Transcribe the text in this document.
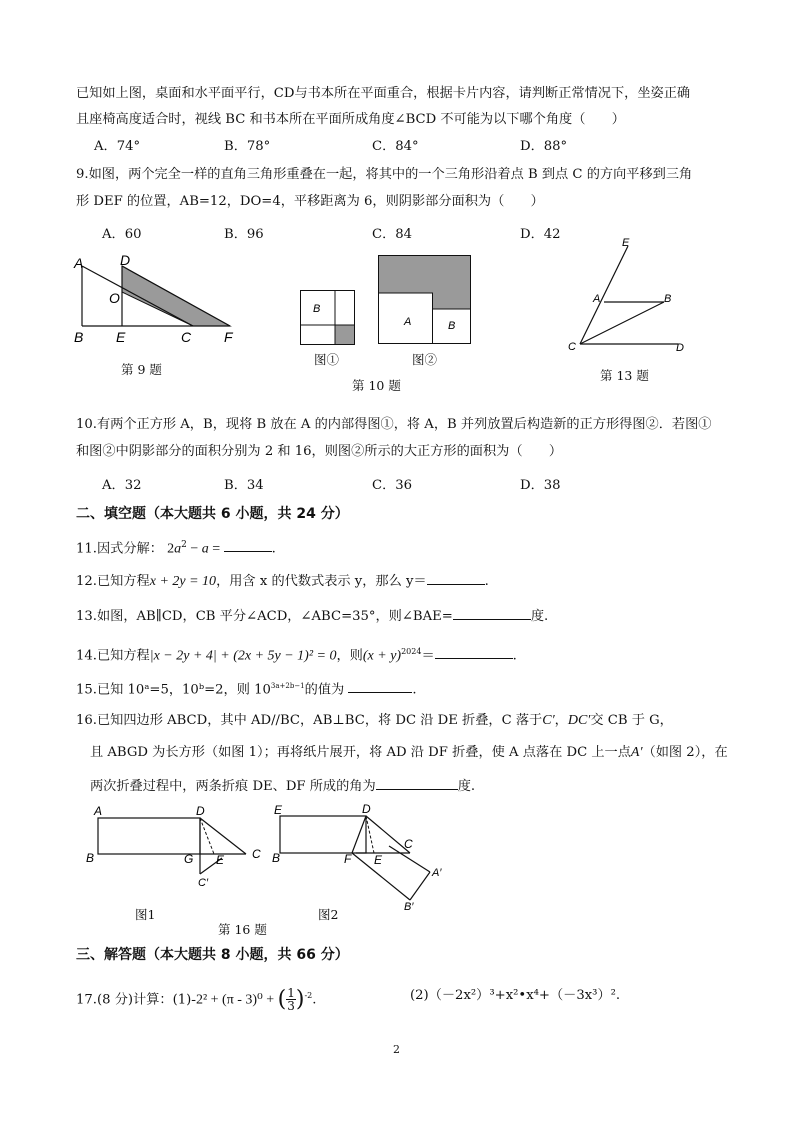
已知如上图，桌面和水平面平行，CD与书本所在平面重合，根据卡片内容，请判断正常情况下，坐姿正确
且座椅高度适合时，视线 BC 和书本所在平面所成角度∠BCD 不可能为以下哪个角度（　　）
A．74°	B．78°	C．84°	D．88°
9.如图，两个完全一样的直角三角形重叠在一起，将其中的一个三角形沿着点 B 到点 C 的方向平移到三角
形 DEF 的位置，AB=12，DO=4，平移距离为 6，则阴影部分面积为（　　）
A．60	B．96	C．84	D．42
A	D
O
B E	C F
第 9 题
B
图①
A	B
图②
第 10 题
E
A	B
C	D
第 13 题
10.有两个正方形 A，B，现将 B 放在 A 的内部得图①，将 A，B 并列放置后构造新的正方形得图②．若图①
和图②中阴影部分的面积分别为 2 和 16，则图②所示的大正方形的面积为（　　）
A．32	B．34	C．36	D．38
二、填空题（本大题共 6 小题，共 24 分）
11.因式分解： $2a^2 - a$ =	.
12.已知方程x + 2y = 10，用含 x 的代数式表示 y，那么 y＝	.
13.如图，AB∥CD，CB 平分∠ACD，∠ABC=35°，则∠BAE=	度.
14.已知方程|x − 2y + 4| + (2x + 5y − 1)² = 0，则$(x + y)^{2024}=$	.
15.已知 10ᵃ=5，10ᵇ=2，则 $10^{3a+2b-1}$的值为	.
16.已知四边形 ABCD，其中 AD//BC，AB⊥BC，将 DC 沿 DE 折叠，C 落于C′，DC′交 CB 于 G，
且 ABGD 为长方形（如图 1）；再将纸片展开，将 AD 沿 DF 折叠，使 A 点落在 DC 上一点A′（如图 2），在
两次折叠过程中，两条折痕 DE、DF 所成的角为	度.
A	D
B	G E C
C′
图1
E	D
C
B	F E
A′
B′
图2
第 16 题
三、解答题（本大题共 8 小题，共 66 分）
17.(8 分)计算：(1)-2² + (π - 3)⁰ + ( $\frac{1}{3} )^{-2}$.	(2)（－2x²）³+x²•x⁴+（－3x³）².
2
